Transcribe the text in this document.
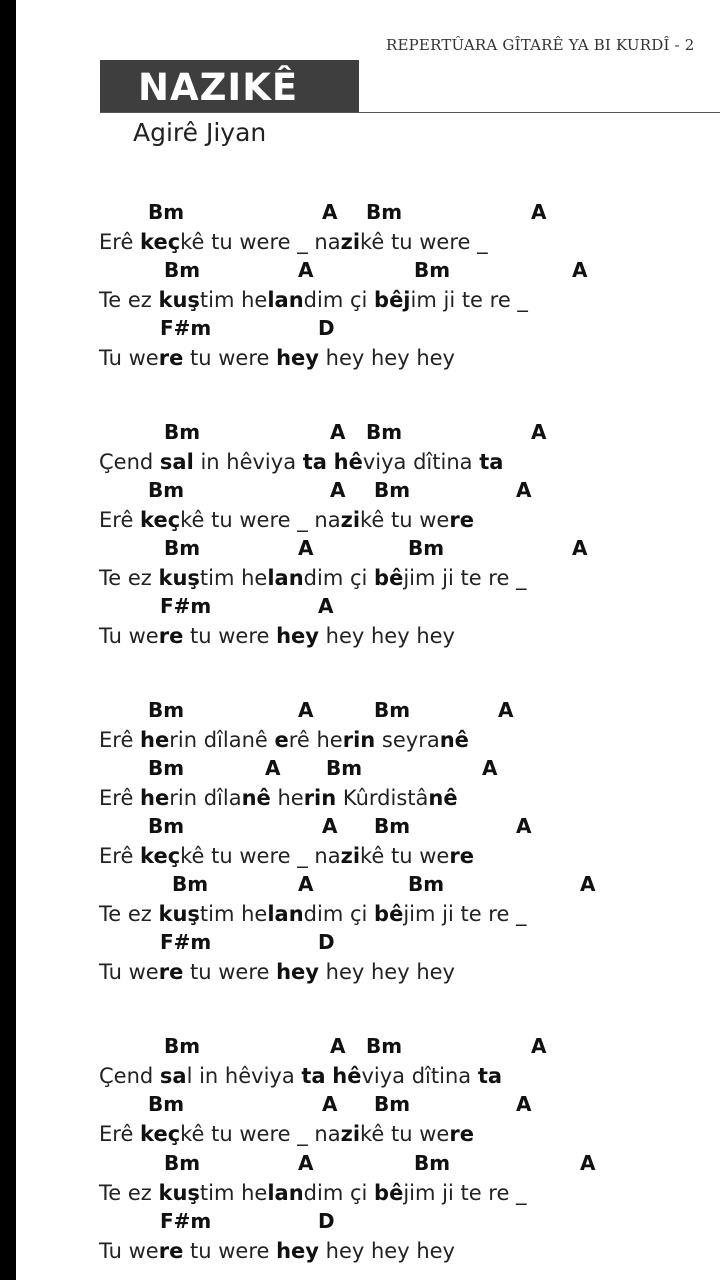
REPERTÛARA GÎTARÊ YA BI KURDÎ - 2
NAZIKÊ
Agirê Jiyan
Bm	A Bm	A
Erê keçkê tu were _ nazikê tu were _
Bm	A	Bm	A
Te ez kuştim helandim çi bêjim ji te re _
F#m	D
Tu were tu were hey hey hey hey
Bm	A Bm	A
Çend sal in hêviya ta hêviya dîtina ta
Bm	A Bm	A
Erê keçkê tu were _ nazikê tu were
Bm	A	Bm	A
Te ez kuştim helandim çi bêjim ji te re _
F#m	A
Tu were tu were hey hey hey hey
Bm	A	Bm	A
Erê herin dîlanê erê herin seyranê
Bm	A Bm	A
Erê herin dîlanê herin Kûrdistânê
Bm	A Bm	A
Erê keçkê tu were _ nazikê tu were
Bm	A	Bm	A
Te ez kuştim helandim çi bêjim ji te re _
F#m	D
Tu were tu were hey hey hey hey
Bm	A Bm	A
Çend sal in hêviya ta hêviya dîtina ta
Bm	A Bm	A
Erê keçkê tu were _ nazikê tu were
Bm	A	Bm	A
Te ez kuştim helandim çi bêjim ji te re _
F#m	D
Tu were tu were hey hey hey hey
